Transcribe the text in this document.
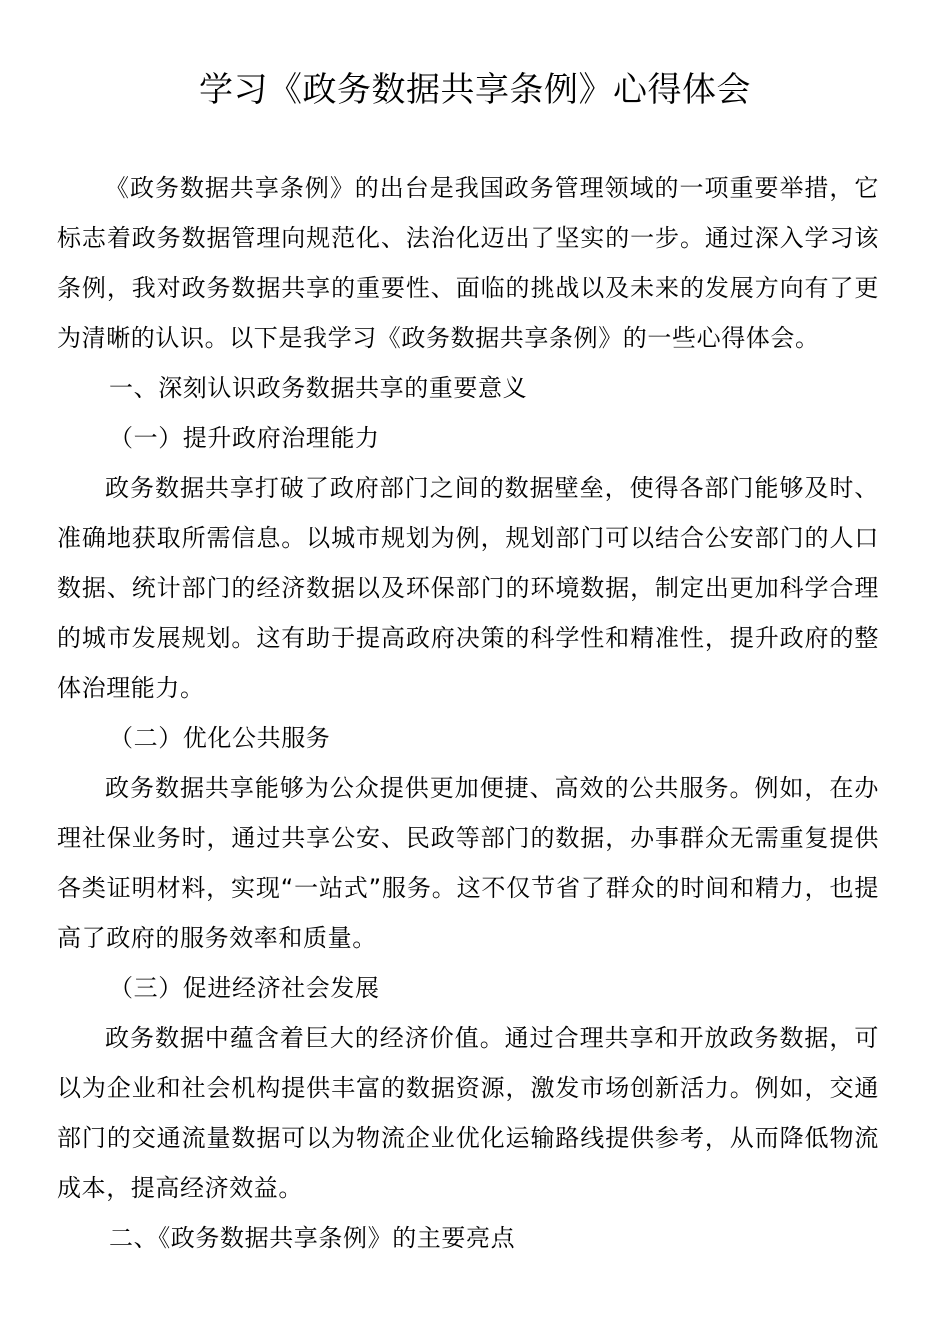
学习《政务数据共享条例》心得体会

《政务数据共享条例》的出台是我国政务管理领域的一项重要举措，它标志着政务数据管理向规范化、法治化迈出了坚实的一步。通过深入学习该条例，我对政务数据共享的重要性、面临的挑战以及未来的发展方向有了更为清晰的认识。以下是我学习《政务数据共享条例》的一些心得体会。

一、深刻认识政务数据共享的重要意义

（一）提升政府治理能力

政务数据共享打破了政府部门之间的数据壁垒，使得各部门能够及时、准确地获取所需信息。以城市规划为例，规划部门可以结合公安部门的人口数据、统计部门的经济数据以及环保部门的环境数据，制定出更加科学合理的城市发展规划。这有助于提高政府决策的科学性和精准性，提升政府的整体治理能力。

（二）优化公共服务

政务数据共享能够为公众提供更加便捷、高效的公共服务。例如，在办理社保业务时，通过共享公安、民政等部门的数据，办事群众无需重复提供各类证明材料，实现“一站式”服务。这不仅节省了群众的时间和精力，也提高了政府的服务效率和质量。

（三）促进经济社会发展

政务数据中蕴含着巨大的经济价值。通过合理共享和开放政务数据，可以为企业和社会机构提供丰富的数据资源，激发市场创新活力。例如，交通部门的交通流量数据可以为物流企业优化运输路线提供参考，从而降低物流成本，提高经济效益。

二、《政务数据共享条例》的主要亮点
